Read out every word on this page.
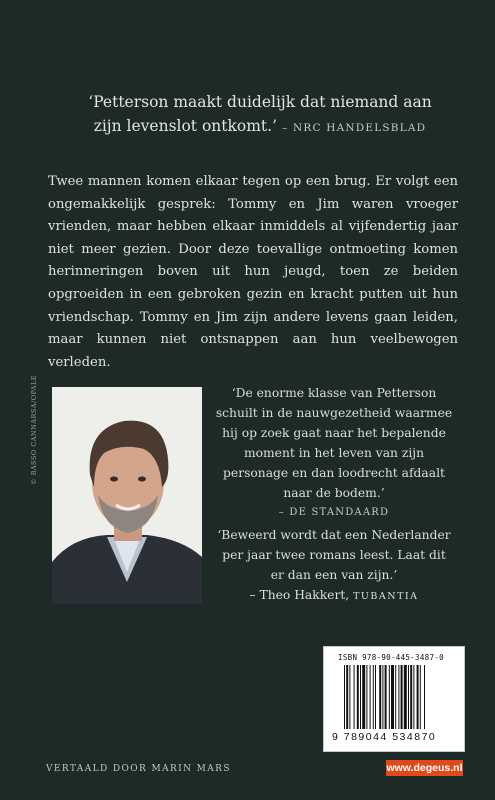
‘Petterson maakt duidelijk dat niemand aan
zijn levenslot ontkomt.’ – NRC HANDELSBLAD

Twee mannen komen elkaar tegen op een brug. Er volgt een ongemakkelijk gesprek: Tommy en Jim waren vroeger vrienden, maar hebben elkaar inmiddels al vijfendertig jaar niet meer gezien. Door deze toevallige ontmoeting komen herinneringen boven uit hun jeugd, toen ze beiden opgroeiden in een gebroken gezin en kracht putten uit hun vriendschap. Tommy en Jim zijn andere levens gaan leiden, maar kunnen niet ontsnappen aan hun veelbewogen verleden.

© BASSO CANNARSA/OPALE	‘De enorme klasse van Petterson schuilt in de nauwgezetheid waarmee hij op zoek gaat naar het bepalende moment in het leven van zijn personage en dan loodrecht afdaalt naar de bodem.’
– DE STANDAARD
‘Beweerd wordt dat een Nederlander per jaar twee romans leest. Laat dit er dan een van zijn.’
– Theo Hakkert, TUBANTIA
ISBN 978-90-445-3487-0
9 789044 534870
www.degeus.nl
VERTAALD DOOR MARIN MARS
